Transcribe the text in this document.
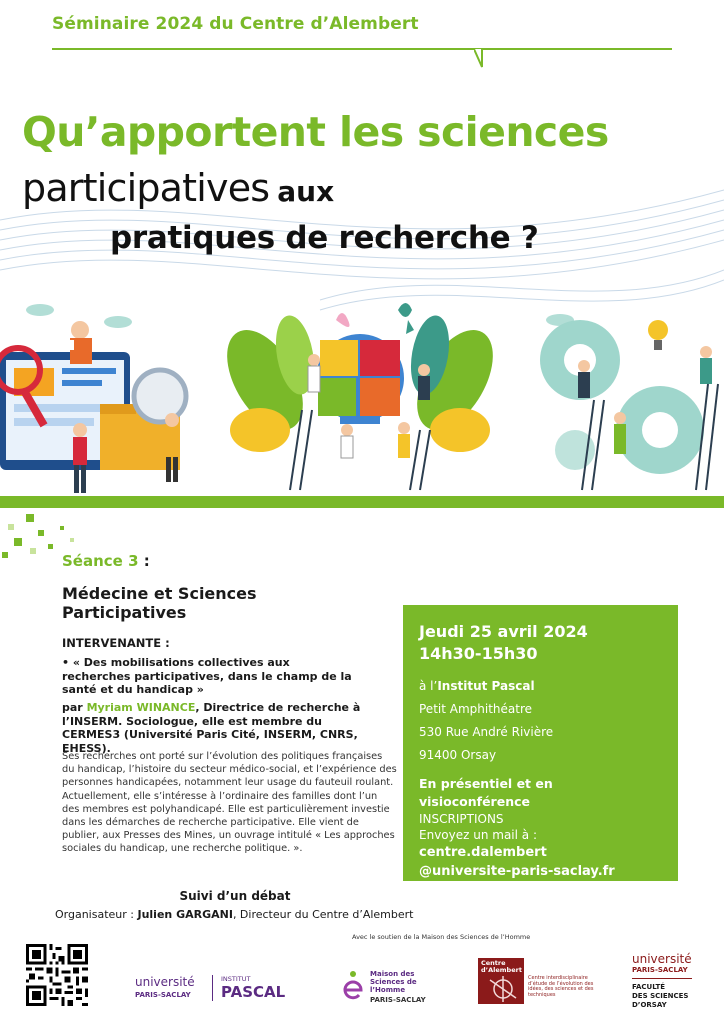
Séminaire 2024 du Centre d’Alembert
Qu’apportent les sciences
participatives aux
pratiques de recherche ?
Séance 3 :
Médecine et Sciences Participatives
INTERVENANTE :
• « Des mobilisations collectives aux recherches participatives, dans le champ de la santé et du handicap »
par Myriam WINANCE, Directrice de recherche à l’INSERM. Sociologue, elle est membre du CERMES3 (Université Paris Cité, INSERM, CNRS, EHESS).
Ses recherches ont porté sur l’évolution des politiques françaises du handicap, l’histoire du secteur médico-social, et l’expérience des personnes handicapées, notamment leur usage du fauteuil roulant. Actuellement, elle s’intéresse à l’ordinaire des familles dont l’un des membres est polyhandicapé. Elle est particulièrement investie dans les démarches de recherche participative. Elle vient de publier, aux Presses des Mines, un ouvrage intitulé « Les approches sociales du handicap, une recherche politique. ».
Suivi d’un débat
Organisateur : Julien GARGANI, Directeur du Centre d’Alembert
Jeudi 25 avril 2024
14h30-15h30
à l’Institut Pascal
Petit Amphithéatre
530 Rue André Rivière
91400 Orsay
En présentiel et en visioconférence
INSCRIPTIONS
Envoyez un mail à :
centre.dalembert
@universite-paris-saclay.fr
Avec le soutien de la Maison des Sciences de l’Homme
université
PARIS-SACLAY
INSTITUT
PASCAL
Maison des
Sciences de
l’Homme
PARIS-SACLAY
Centre
d’Alembert
Centre interdisciplinaire d’étude de l’évolution des idées, des sciences et des techniques
université
PARIS-SACLAY
FACULTÉ
DES SCIENCES
D’ORSAY
